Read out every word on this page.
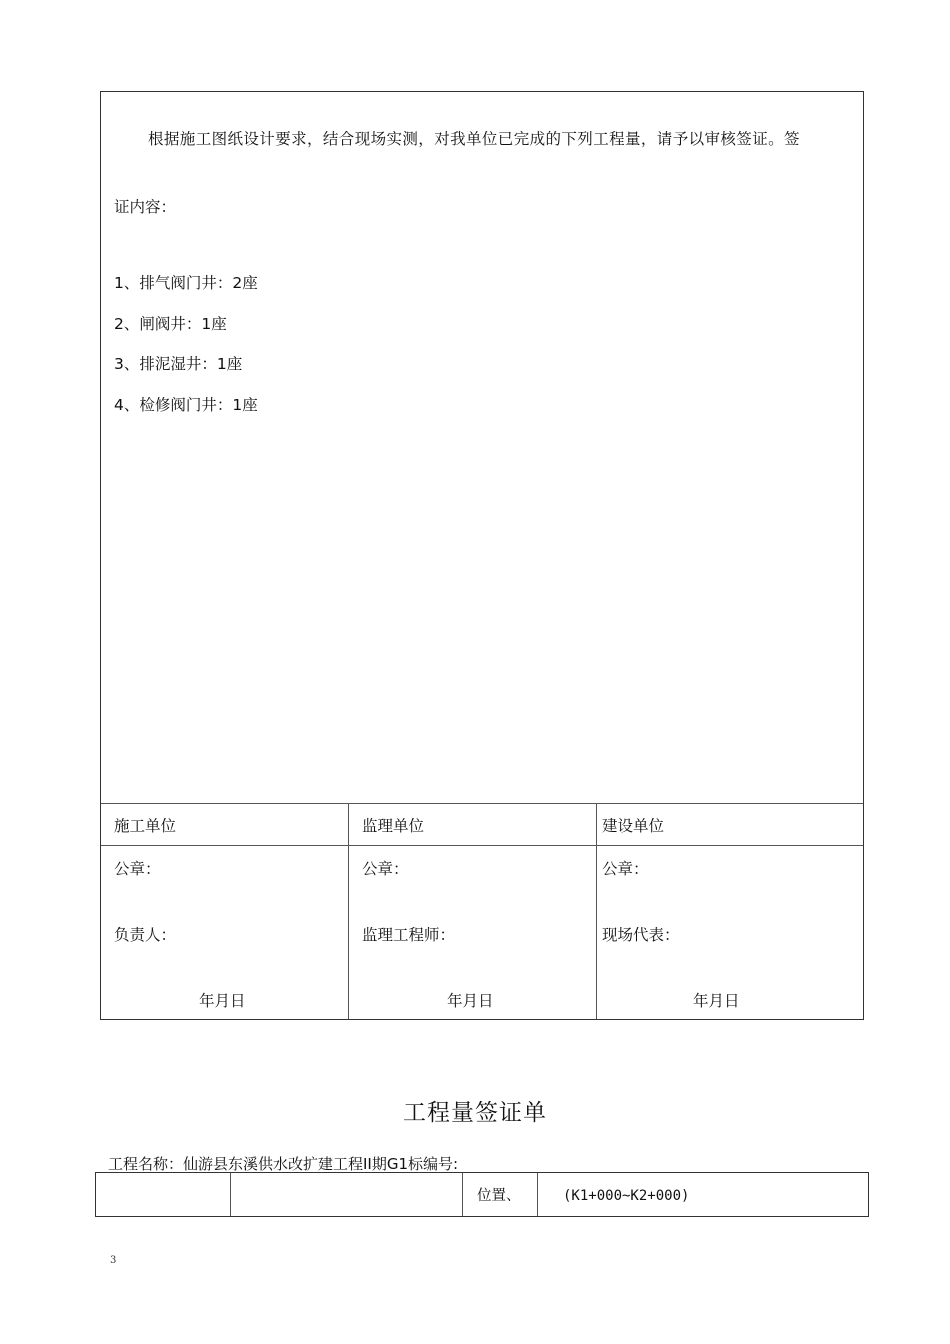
根据施工图纸设计要求，结合现场实测，对我单位已完成的下列工程量，请予以审核签证。签
证内容：
1、排气阀门井：2座
2、闸阀井：1座
3、排泥湿井：1座
4、检修阀门井：1座
施工单位
公章：
负责人：
年月日
监理单位
公章：
监理工程师：
年月日
建设单位
公章：
现场代表：
年月日
工程量签证单
工程名称：仙游县东溪供水改扩建工程II期G1标编号:
位置、	(K1+000~K2+000)
3
